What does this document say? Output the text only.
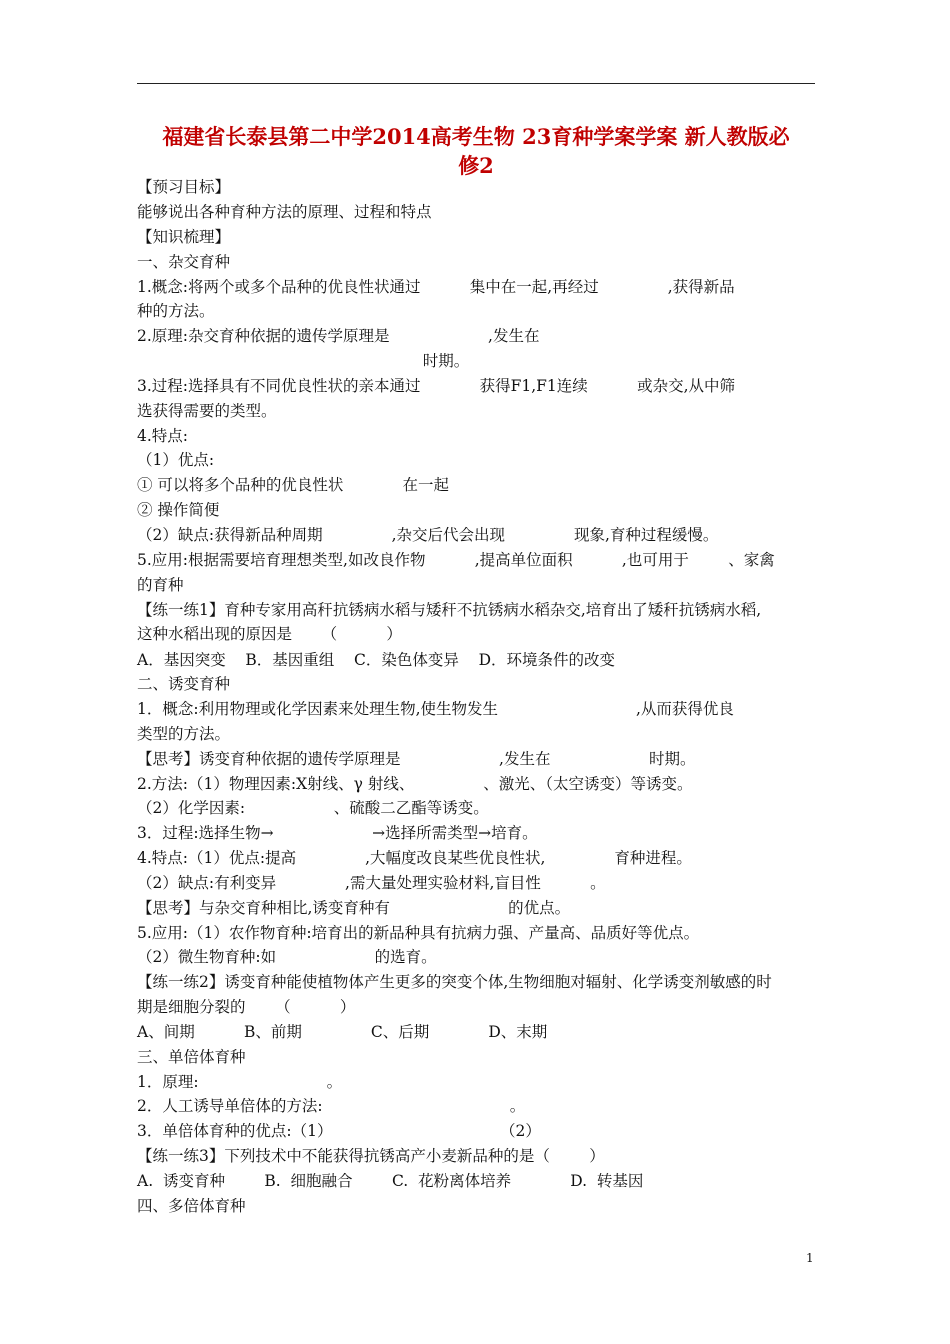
福建省长泰县第二中学2014高考生物 23育种学案学案 新人教版必
修2
【预习目标】
能够说出各种育种方法的原理、过程和特点
【知识梳理】
一、杂交育种
1.概念:将两个或多个品种的优良性状通过          集中在一起,再经过              ,获得新品
种的方法。
2.原理:杂交育种依据的遗传学原理是                    ,发生在
时期。
3.过程:选择具有不同优良性状的亲本通过            获得F1,F1连续          或杂交,从中筛
选获得需要的类型。
4.特点:
（1）优点:
① 可以将多个品种的优良性状            在一起
② 操作简便
（2）缺点:获得新品种周期              ,杂交后代会出现              现象,育种过程缓慢。
5.应用:根据需要培育理想类型,如改良作物          ,提高单位面积          ,也可用于        、家禽
的育种
【练一练1】育种专家用高秆抗锈病水稻与矮秆不抗锈病水稻杂交,培育出了矮秆抗锈病水稻,
这种水稻出现的原因是      （          ）
A．基因突变    B．基因重组    C．染色体变异    D．环境条件的改变
二、诱变育种
1．概念:利用物理或化学因素来处理生物,使生物发生                            ,从而获得优良
类型的方法。
【思考】诱变育种依据的遗传学原理是                    ,发生在                    时期。
2.方法:（1）物理因素:X射线、γ 射线、              、激光、（太空诱变）等诱变。
（2）化学因素:                  、硫酸二乙酯等诱变。
3．过程:选择生物→                    →选择所需类型→培育。
4.特点:（1）优点:提高              ,大幅度改良某些优良性状,              育种进程。
（2）缺点:有利变异              ,需大量处理实验材料,盲目性          。
【思考】与杂交育种相比,诱变育种有                        的优点。
5.应用:（1）农作物育种:培育出的新品种具有抗病力强、产量高、品质好等优点。
（2）微生物育种:如                    的选育。
【练一练2】诱变育种能使植物体产生更多的突变个体,生物细胞对辐射、化学诱变剂敏感的时
期是细胞分裂的      （          ）
A、间期          B、前期              C、后期            D、末期
三、单倍体育种
1．原理:                          。
2．人工诱导单倍体的方法:                                      。
3．单倍体育种的优点:（1）                                  （2）
【练一练3】下列技术中不能获得抗锈高产小麦新品种的是（        ）
A.  诱变育种        B.  细胞融合        C.  花粉离体培养            D.  转基因
四、多倍体育种
1
